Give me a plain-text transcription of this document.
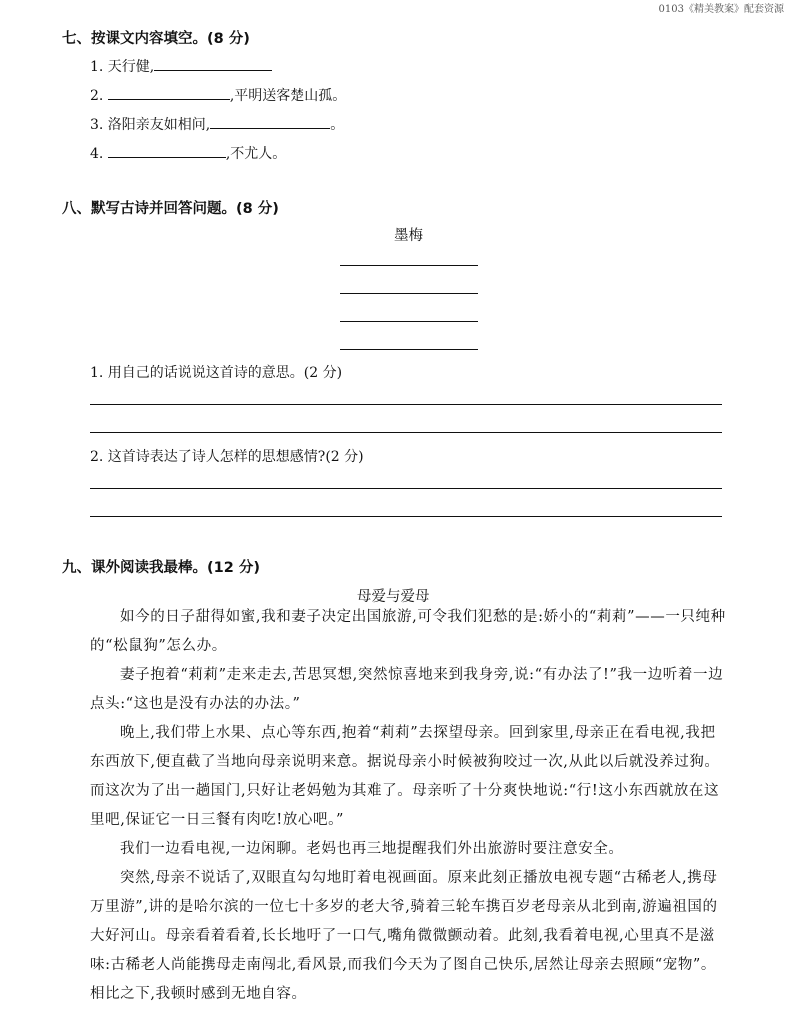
0103《精美教案》配套资源
七、按课文内容填空。(8 分)
1. 天行健,
2.	,平明送客楚山孤。
3. 洛阳亲友如相问,	。
4.	,不尤人。
八、默写古诗并回答问题。(8 分)
墨梅
1. 用自己的话说说这首诗的意思。(2 分)
2. 这首诗表达了诗人怎样的思想感情?(2 分)
九、课外阅读我最棒。(12 分)
母爱与爱母
如今的日子甜得如蜜,我和妻子决定出国旅游,可令我们犯愁的是:娇小的“莉莉”——一只纯种的“松鼠狗”怎么办。
妻子抱着“莉莉”走来走去,苦思冥想,突然惊喜地来到我身旁,说:“有办法了!”我一边听着一边点头:“这也是没有办法的办法。”
晚上,我们带上水果、点心等东西,抱着“莉莉”去探望母亲。回到家里,母亲正在看电视,我把东西放下,便直截了当地向母亲说明来意。据说母亲小时候被狗咬过一次,从此以后就没养过狗。而这次为了出一趟国门,只好让老妈勉为其难了。母亲听了十分爽快地说:“行!这小东西就放在这里吧,保证它一日三餐有肉吃!放心吧。”
我们一边看电视,一边闲聊。老妈也再三地提醒我们外出旅游时要注意安全。
突然,母亲不说话了,双眼直勾勾地盯着电视画面。原来此刻正播放电视专题“古稀老人,携母万里游”,讲的是哈尔滨的一位七十多岁的老大爷,骑着三轮车携百岁老母亲从北到南,游遍祖国的大好河山。母亲看着看着,长长地吁了一口气,嘴角微微颤动着。此刻,我看着电视,心里真不是滋味:古稀老人尚能携母走南闯北,看风景,而我们今天为了图自己快乐,居然让母亲去照顾“宠物”。相比之下,我顿时感到无地自容。
